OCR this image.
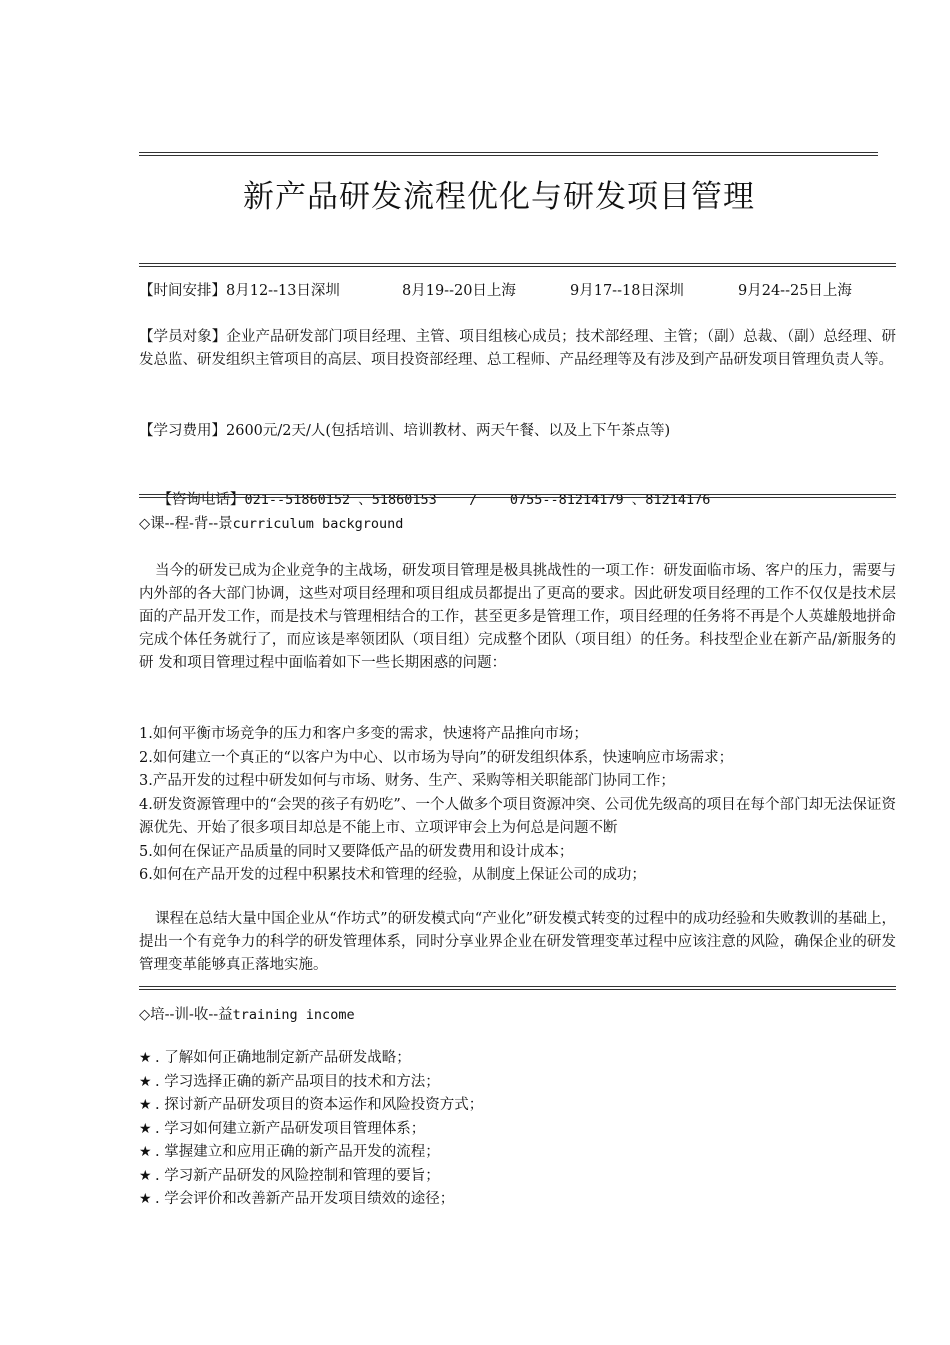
新产品研发流程优化与研发项目管理
【时间安排】8月12--13日深圳	8月19--20日上海	9月17--18日深圳	9月24--25日上海
【学员对象】企业产品研发部门项目经理、主管、项目组核心成员；技术部经理、主管；（副）总裁、（副）总经理、研发总监、研发组织主管项目的高层、项目投资部经理、总工程师、产品经理等及有涉及到产品研发项目管理负责人等。
【学习费用】2600元/2天/人(包括培训、培训教材、两天午餐、以及上下午茶点等)

【咨询电话】021--51860152 、51860153    /    0755--81214179 、81214176

◇课--程-背--景curriculum background
当今的研发已成为企业竞争的主战场，研发项目管理是极具挑战性的一项工作：研发面临市场、客户的压力，需要与内外部的各大部门协调，这些对项目经理和项目组成员都提出了更高的要求。因此研发项目经理的工作不仅仅是技术层面的产品开发工作，而是技术与管理相结合的工作，甚至更多是管理工作，项目经理的任务将不再是个人英雄般地拼命完成个体任务就行了，而应该是率领团队（项目组）完成整个团队（项目组）的任务。科技型企业在新产品/新服务的研 发和项目管理过程中面临着如下一些长期困惑的问题：
1.如何平衡市场竞争的压力和客户多变的需求，快速将产品推向市场；
2.如何建立一个真正的“以客户为中心、以市场为导向”的研发组织体系，快速响应市场需求；
3.产品开发的过程中研发如何与市场、财务、生产、采购等相关职能部门协同工作；
4.研发资源管理中的“会哭的孩子有奶吃”、一个人做多个项目资源冲突、公司优先级高的项目在每个部门却无法保证资源优先、开始了很多项目却总是不能上市、立项评审会上为何总是问题不断
5.如何在保证产品质量的同时又要降低产品的研发费用和设计成本；
6.如何在产品开发的过程中积累技术和管理的经验，从制度上保证公司的成功；
课程在总结大量中国企业从“作坊式”的研发模式向“产业化”研发模式转变的过程中的成功经验和失败教训的基础上，提出一个有竞争力的科学的研发管理体系，同时分享业界企业在研发管理变革过程中应该注意的风险，确保企业的研发管理变革能够真正落地实施。
◇培--训-收--益training income
★ . 了解如何正确地制定新产品研发战略；
★ . 学习选择正确的新产品项目的技术和方法；
★ . 探讨新产品研发项目的资本运作和风险投资方式；
★ . 学习如何建立新产品研发项目管理体系；
★ . 掌握建立和应用正确的新产品开发的流程；
★ . 学习新产品研发的风险控制和管理的要旨；
★ . 学会评价和改善新产品开发项目绩效的途径；
